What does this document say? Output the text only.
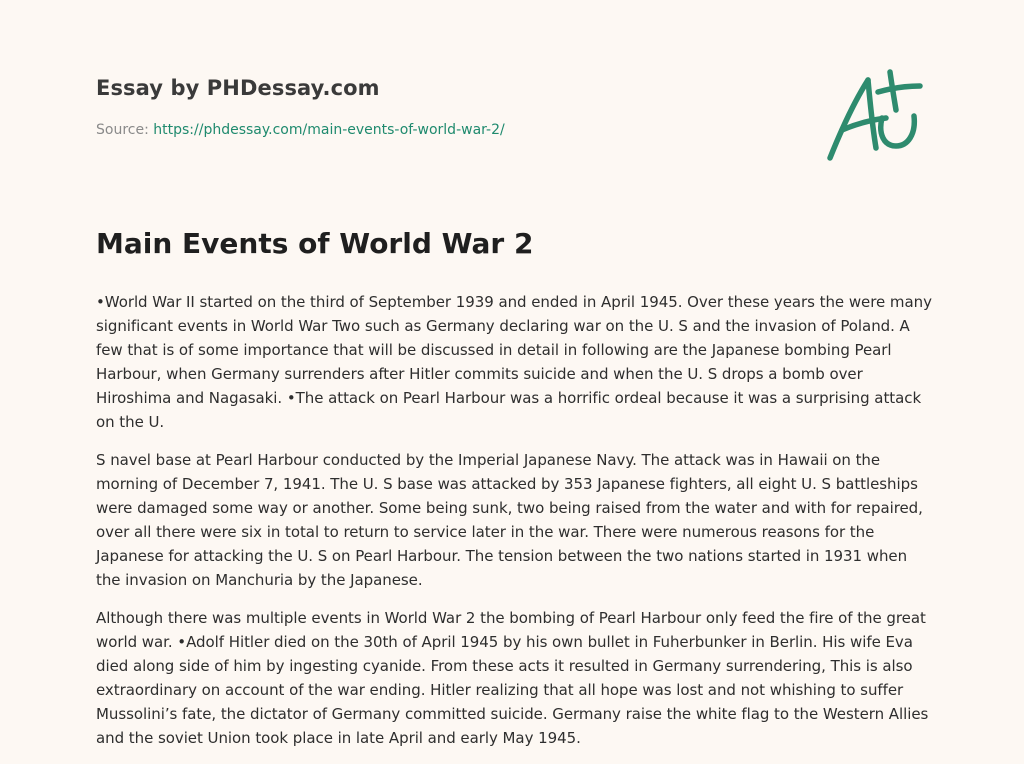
Essay by PHDessay.com
Source: https://phdessay.com/main-events-of-world-war-2/
Main Events of World War 2

•World War II started on the third of September 1939 and ended in April 1945. Over these years the were many significant events in World War Two such as Germany declaring war on the U. S and the invasion of Poland. A few that is of some importance that will be discussed in detail in following are the Japanese bombing Pearl Harbour, when Germany surrenders after Hitler commits suicide and when the U. S drops a bomb over Hiroshima and Nagasaki. •The attack on Pearl Harbour was a horrific ordeal because it was a surprising attack on the U.

S navel base at Pearl Harbour conducted by the Imperial Japanese Navy. The attack was in Hawaii on the morning of December 7, 1941. The U. S base was attacked by 353 Japanese fighters, all eight U. S battleships were damaged some way or another. Some being sunk, two being raised from the water and with for repaired, over all there were six in total to return to service later in the war. There were numerous reasons for the Japanese for attacking the U. S on Pearl Harbour. The tension between the two nations started in 1931 when the invasion on Manchuria by the Japanese.

Although there was multiple events in World War 2 the bombing of Pearl Harbour only feed the fire of the great world war. •Adolf Hitler died on the 30th of April 1945 by his own bullet in Fuherbunker in Berlin. His wife Eva died along side of him by ingesting cyanide. From these acts it resulted in Germany surrendering, This is also extraordinary on account of the war ending. Hitler realizing that all hope was lost and not whishing to suffer Mussolini’s fate, the dictator of Germany committed suicide. Germany raise the white flag to the Western Allies and the soviet Union took place in late April and early May 1945.
